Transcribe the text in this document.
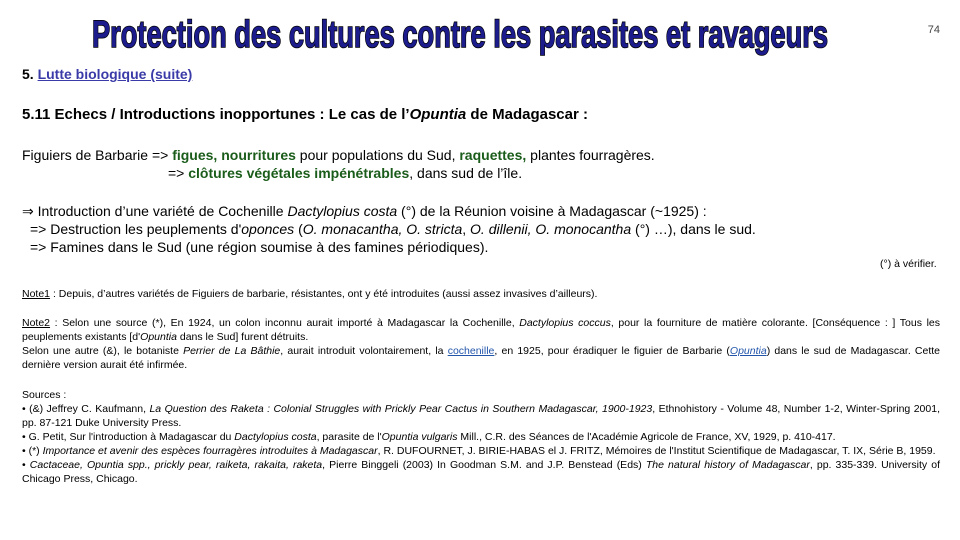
Protection des cultures contre les parasites et ravageurs	74
5. Lutte biologique (suite)
5.11 Echecs / Introductions inopportunes : Le cas de l’Opuntia de Madagascar :

Figuiers de Barbarie => figues, nourritures pour populations du Sud, raquettes, plantes fourragères.

=> clôtures végétales impénétrables, dans sud de l’île.

⇒ Introduction d’une variété de Cochenille Dactylopius costa (°) de la Réunion voisine à Madagascar (~1925) :

=> Destruction les peuplements d'oponces (O. monacantha, O. stricta, O. dillenii, O. monocantha (°) …), dans le sud.

=> Famines dans le Sud (une région soumise à des famines périodiques).

(°) à vérifier.
Note1 : Depuis, d’autres variétés de Figuiers de barbarie, résistantes, ont y été introduites (aussi assez invasives d’ailleurs).

Note2 : Selon une source (*), En 1924, un colon inconnu aurait importé à Madagascar la Cochenille, Dactylopius coccus, pour la fourniture de matière colorante. [Conséquence : ] Tous les peuplements existants [d'Opuntia dans le Sud] furent détruits.

Selon une autre (&), le botaniste Perrier de La Bâthie, aurait introduit volontairement, la cochenille, en 1925, pour éradiquer le figuier de Barbarie (Opuntia) dans le sud de Madagascar. Cette dernière version aurait été infirmée.

Sources :

• (&) Jeffrey C. Kaufmann, La Question des Raketa : Colonial Struggles with Prickly Pear Cactus in Southern Madagascar, 1900-1923, Ethnohistory - Volume 48, Number 1-2, Winter-Spring 2001, pp. 87-121 Duke University Press.

• G. Petit, Sur l'introduction à Madagascar du Dactylopius costa, parasite de l'Opuntia vulgaris Mill., C.R. des Séances de l'Académie Agricole de France, XV, 1929, p. 410-417.

• (*) Importance et avenir des espèces fourragères introduites à Madagascar, R. DUFOURNET, J. BIRIE-HABAS el J. FRITZ, Mémoires de l'Institut Scientifique de Madagascar, T. IX, Série B, 1959.

• Cactaceae, Opuntia spp., prickly pear, raiketa, rakaita, raketa, Pierre Binggeli (2003) In Goodman S.M. and J.P. Benstead (Eds) The natural history of Madagascar, pp. 335-339. University of Chicago Press, Chicago.
